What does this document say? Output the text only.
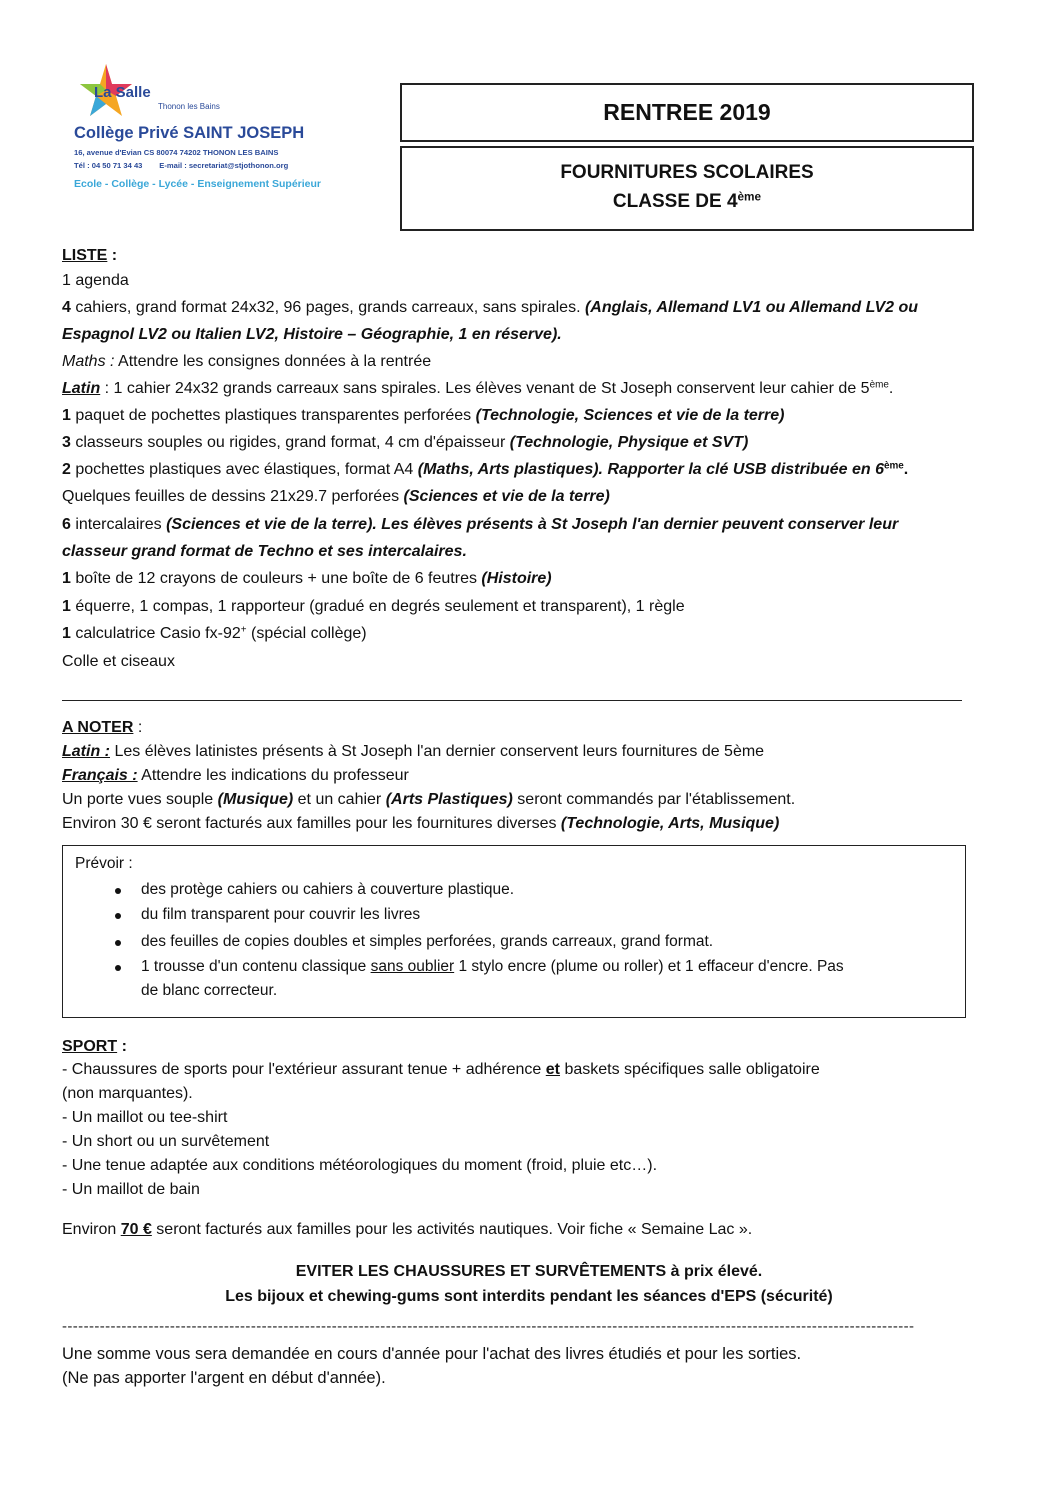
La Salle
Thonon les Bains
Collège Privé SAINT JOSEPH
16, avenue d'Evian CS 80074 74202 THONON LES BAINS
Tél : 04 50 71 34 43 E-mail : secretariat@stjothonon.org
Ecole - Collège - Lycée - Enseignement Supérieur
RENTREE 2019
FOURNITURES SCOLAIRES
CLASSE DE 4ème
LISTE :
1 agenda
4 cahiers, grand format 24x32, 96 pages, grands carreaux, sans spirales. (Anglais, Allemand LV1 ou Allemand LV2 ou
Espagnol LV2 ou Italien LV2, Histoire – Géographie, 1 en réserve).
Maths : Attendre les consignes données à la rentrée
Latin : 1 cahier 24x32 grands carreaux sans spirales. Les élèves venant de St Joseph conservent leur cahier de 5ème.
1 paquet de pochettes plastiques transparentes perforées (Technologie, Sciences et vie de la terre)
3 classeurs souples ou rigides, grand format, 4 cm d'épaisseur (Technologie, Physique et SVT)
2 pochettes plastiques avec élastiques, format A4 (Maths, Arts plastiques). Rapporter la clé USB distribuée en 6ème.
Quelques feuilles de dessins 21x29.7 perforées (Sciences et vie de la terre)
6 intercalaires (Sciences et vie de la terre). Les élèves présents à St Joseph l'an dernier peuvent conserver leur
classeur grand format de Techno et ses intercalaires.
1 boîte de 12 crayons de couleurs + une boîte de 6 feutres (Histoire)
1 équerre, 1 compas, 1 rapporteur (gradué en degrés seulement et transparent), 1 règle
1 calculatrice Casio fx-92+ (spécial collège)
Colle et ciseaux
A NOTER :
Latin : Les élèves latinistes présents à St Joseph l'an dernier conservent leurs fournitures de 5ème
Français : Attendre les indications du professeur
Un porte vues souple (Musique) et un cahier (Arts Plastiques) seront commandés par l'établissement.
Environ 30 € seront facturés aux familles pour les fournitures diverses (Technologie, Arts, Musique)
Prévoir :
des protège cahiers ou cahiers à couverture plastique.
du film transparent pour couvrir les livres
des feuilles de copies doubles et simples perforées, grands carreaux, grand format.
1 trousse d'un contenu classique sans oublier 1 stylo encre (plume ou roller) et 1 effaceur d'encre. Pas
de blanc correcteur.
SPORT :
- Chaussures de sports pour l'extérieur assurant tenue + adhérence et baskets spécifiques salle obligatoire
(non marquantes).
- Un maillot ou tee-shirt
- Un short ou un survêtement
- Une tenue adaptée aux conditions météorologiques du moment (froid, pluie etc…).
- Un maillot de bain
Environ 70 € seront facturés aux familles pour les activités nautiques. Voir fiche « Semaine Lac ».
EVITER LES CHAUSSURES ET SURVÊTEMENTS à prix élevé.
Les bijoux et chewing-gums sont interdits pendant les séances d'EPS (sécurité)
--------------------------------------------------------------------------------------------------------------------------------------------------------------
Une somme vous sera demandée en cours d'année pour l'achat des livres étudiés et pour les sorties.
(Ne pas apporter l'argent en début d'année).
